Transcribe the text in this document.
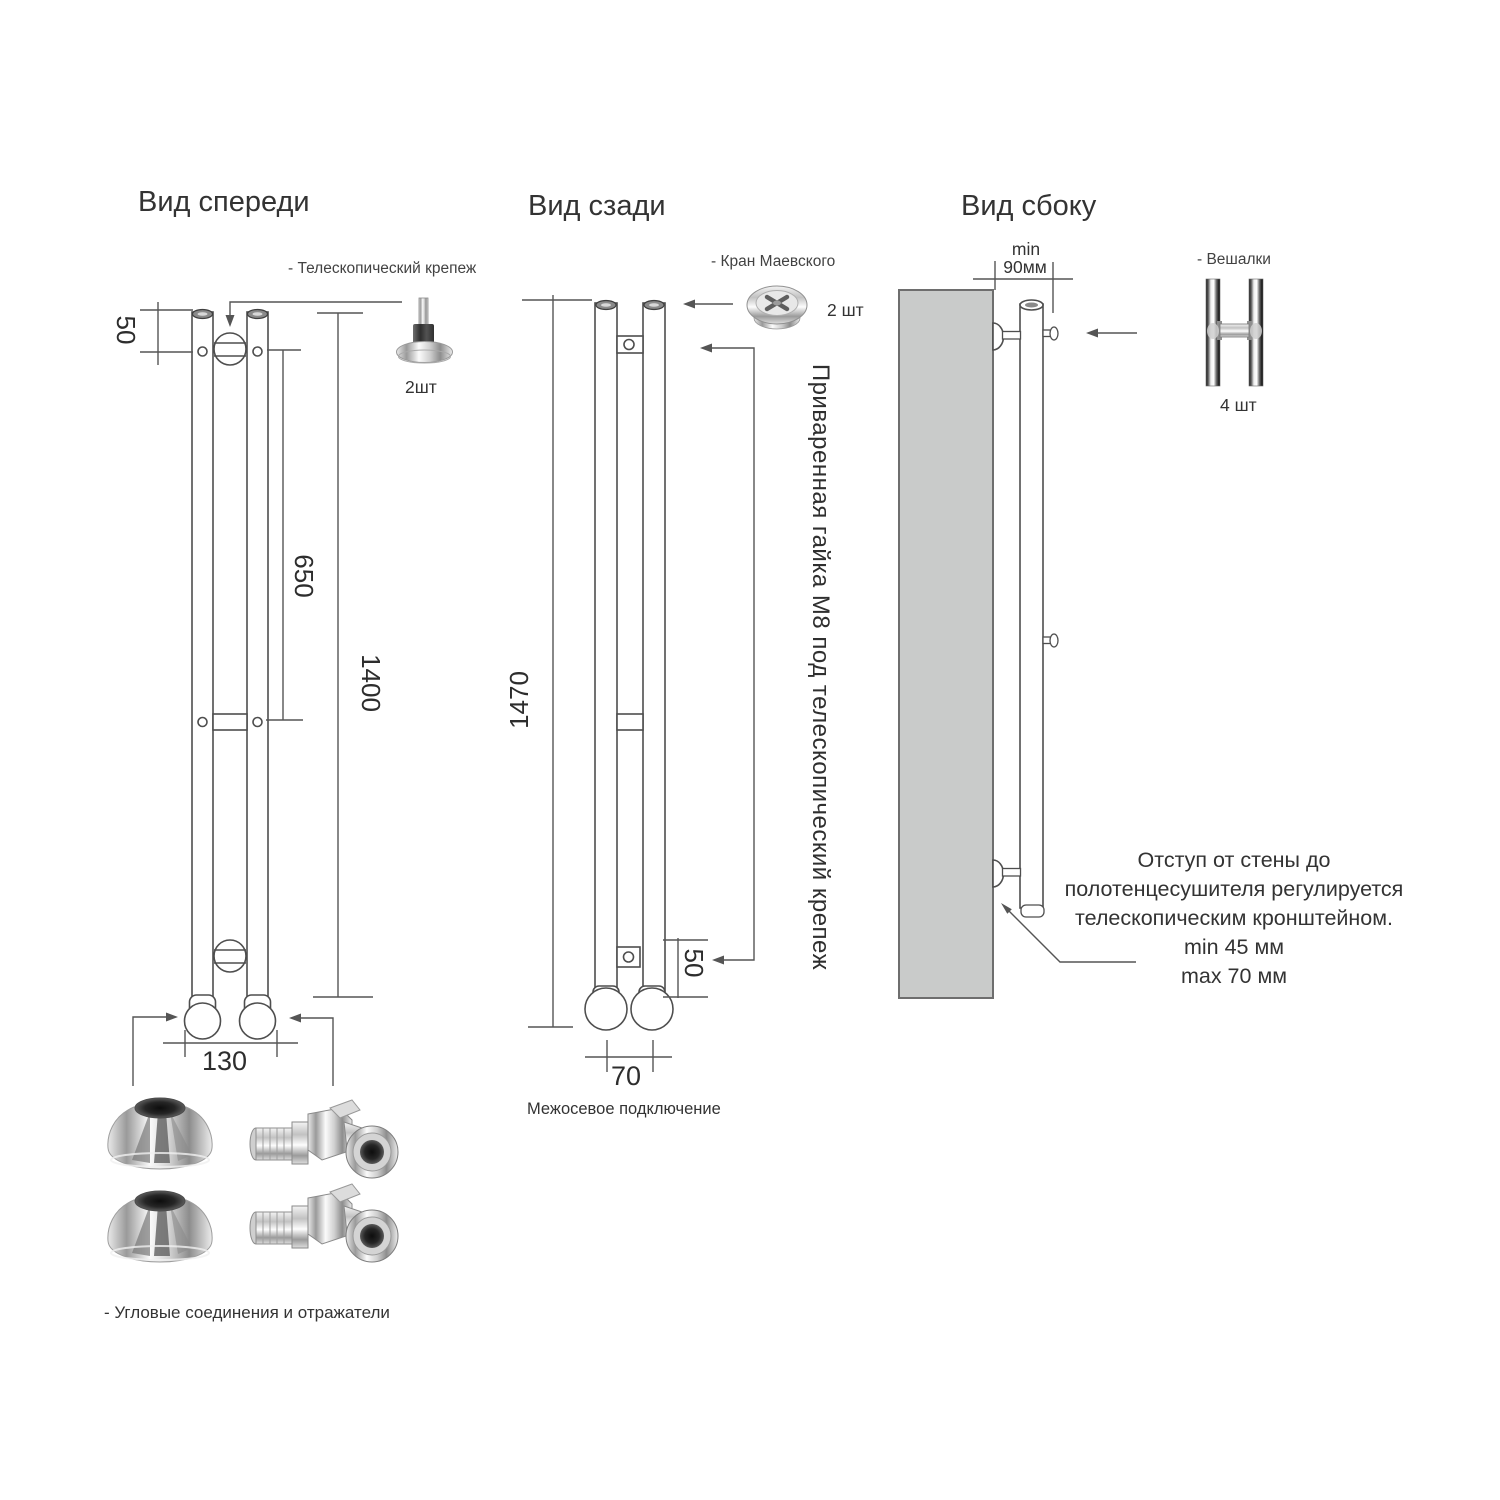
Вид спереди
- Телескопический крепеж
2шт
50
650
1400
130
- Угловые соединения и отражатели
Вид сзади
- Кран Маевского
2 шт
1470
70
50	Приваренная гайка М8 под телескопический крепеж
Межосевое подключение
Вид сбоку
min
90мм	- Вешалки
4 шт
Отступ от стены до
полотенцесушителя регулируется
телескопическим кронштейном.
min 45 мм
max 70 мм
